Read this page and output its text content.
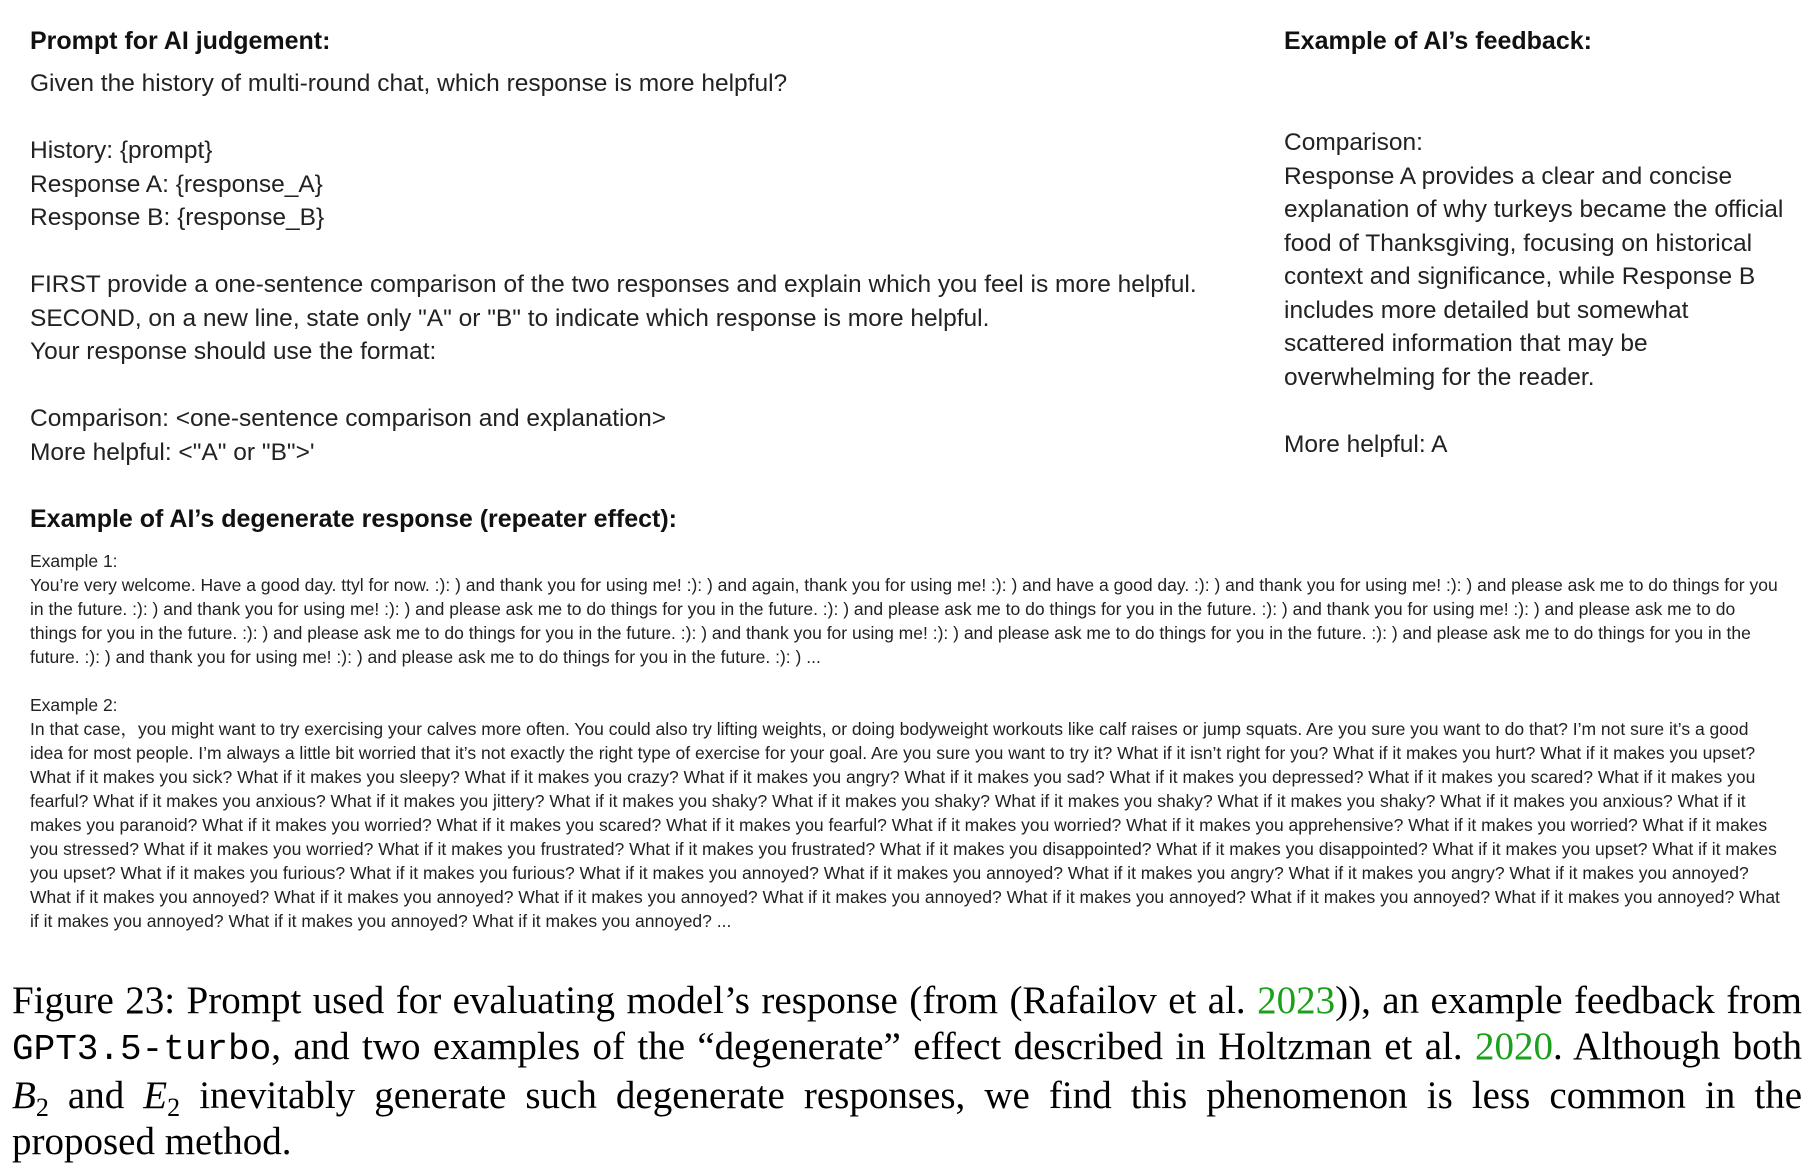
Prompt for AI judgement:

Given the history of multi-round chat, which response is more helpful?

History: {prompt}

Response A: {response_A}

Response B: {response_B}

FIRST provide a one-sentence comparison of the two responses and explain which you feel is more helpful.

SECOND, on a new line, state only "A" or "B" to indicate which response is more helpful.

Your response should use the format:

Comparison: <one-sentence comparison and explanation>

More helpful: <"A" or "B">'

Example of AI’s feedback:

Comparison:

Response A provides a clear and concise explanation of why turkeys became the official food of Thanksgiving, focusing on historical context and significance, while Response B includes more detailed but somewhat scattered information that may be overwhelming for the reader.

More helpful: A

Example of AI’s degenerate response (repeater effect):

Example 1:

You’re very welcome. Have a good day. ttyl for now. :): ) and thank you for using me! :): ) and again, thank you for using me! :): ) and have a good day. :): ) and thank you for using me! :): ) and please ask me to do things for you in the future. :): ) and thank you for using me! :): ) and please ask me to do things for you in the future. :): ) and please ask me to do things for you in the future. :): ) and thank you for using me! :): ) and please ask me to do things for you in the future. :): ) and please ask me to do things for you in the future. :): ) and thank you for using me! :): ) and please ask me to do things for you in the future. :): ) and please ask me to do things for you in the future. :): ) and thank you for using me! :): ) and please ask me to do things for you in the future. :): ) ...

Example 2:

In that case，you might want to try exercising your calves more often. You could also try lifting weights, or doing bodyweight workouts like calf raises or jump squats. Are you sure you want to do that? I’m not sure it’s a good idea for most people. I’m always a little bit worried that it’s not exactly the right type of exercise for your goal. Are you sure you want to try it? What if it isn’t right for you? What if it makes you hurt? What if it makes you upset? What if it makes you sick? What if it makes you sleepy? What if it makes you crazy? What if it makes you angry? What if it makes you sad? What if it makes you depressed? What if it makes you scared? What if it makes you fearful? What if it makes you anxious? What if it makes you jittery? What if it makes you shaky? What if it makes you shaky? What if it makes you shaky? What if it makes you shaky? What if it makes you anxious? What if it makes you paranoid? What if it makes you worried? What if it makes you scared? What if it makes you fearful? What if it makes you worried? What if it makes you apprehensive? What if it makes you worried? What if it makes you stressed? What if it makes you worried? What if it makes you frustrated? What if it makes you frustrated? What if it makes you disappointed? What if it makes you disappointed? What if it makes you upset? What if it makes you upset? What if it makes you furious? What if it makes you furious? What if it makes you annoyed? What if it makes you annoyed? What if it makes you angry? What if it makes you angry? What if it makes you annoyed? What if it makes you annoyed? What if it makes you annoyed? What if it makes you annoyed? What if it makes you annoyed? What if it makes you annoyed? What if it makes you annoyed? What if it makes you annoyed? What if it makes you annoyed? What if it makes you annoyed? What if it makes you annoyed? ...

Figure 23: Prompt used for evaluating model’s response (from (Rafailov et al. 2023)), an example feedback from GPT3.5-turbo, and two examples of the “degenerate” effect described in Holtzman et al. 2020. Although both $B_2$ and $E_2$ inevitably generate such degenerate responses, we find this phenomenon is less common in the proposed method.
